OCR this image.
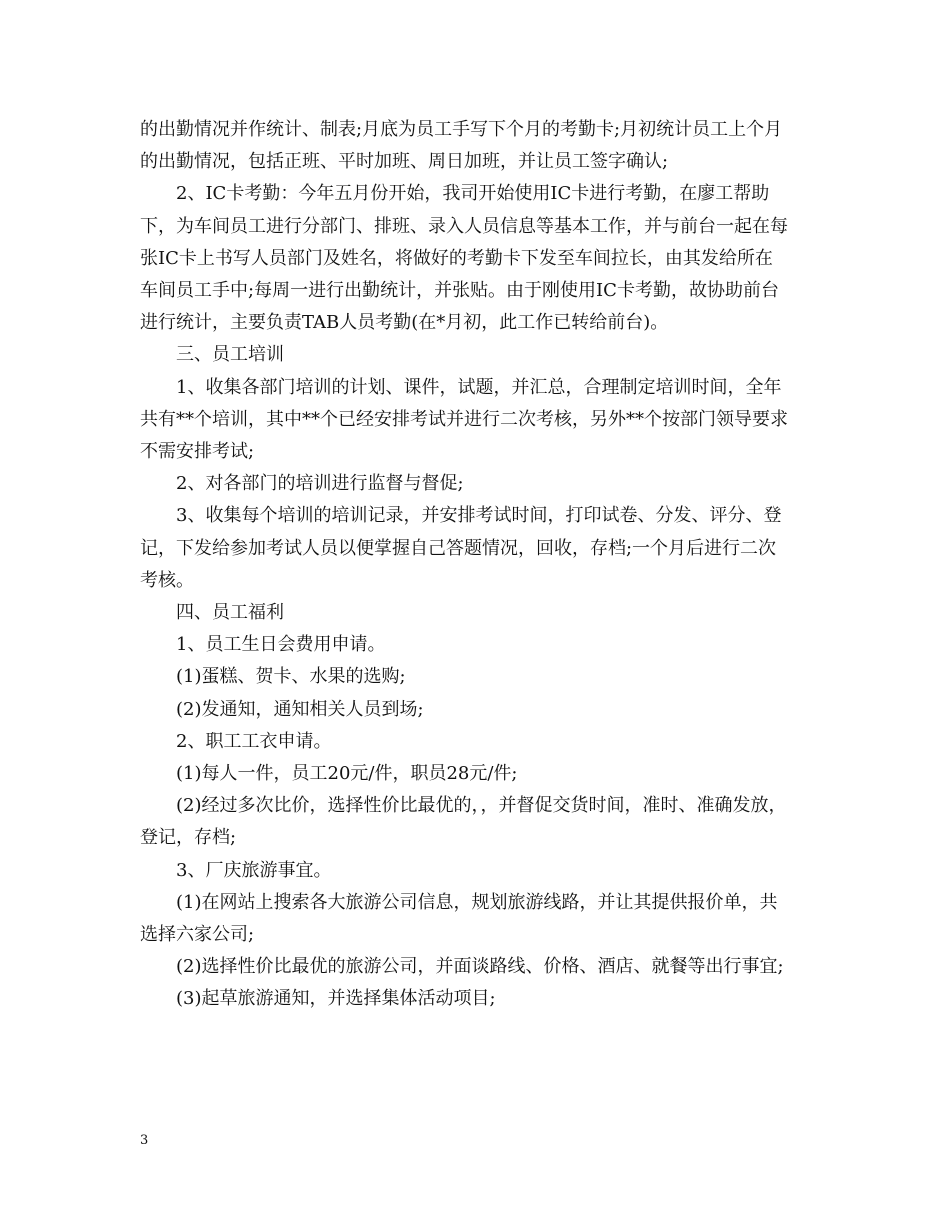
的出勤情况并作统计、制表;月底为员工手写下个月的考勤卡;月初统计员工上个月
的出勤情况，包括正班、平时加班、周日加班，并让员工签字确认;

2、IC卡考勤：今年五月份开始，我司开始使用IC卡进行考勤，在廖工帮助
下，为车间员工进行分部门、排班、录入人员信息等基本工作，并与前台一起在每
张IC卡上书写人员部门及姓名，将做好的考勤卡下发至车间拉长，由其发给所在
车间员工手中;每周一进行出勤统计，并张贴。由于刚使用IC卡考勤，故协助前台
进行统计，主要负责TAB人员考勤(在*月初，此工作已转给前台)。

三、员工培训

1、收集各部门培训的计划、课件，试题，并汇总，合理制定培训时间，全年
共有**个培训，其中**个已经安排考试并进行二次考核，另外**个按部门领导要求
不需安排考试;

2、对各部门的培训进行监督与督促;

3、收集每个培训的培训记录，并安排考试时间，打印试卷、分发、评分、登
记，下发给参加考试人员以便掌握自己答题情况，回收，存档;一个月后进行二次
考核。

四、员工福利

1、员工生日会费用申请。

(1)蛋糕、贺卡、水果的选购;

(2)发通知，通知相关人员到场;

2、职工工衣申请。

(1)每人一件，员工20元/件，职员28元/件;

(2)经过多次比价，选择性价比最优的，，并督促交货时间，准时、准确发放，
登记，存档;

3、厂庆旅游事宜。

(1)在网站上搜索各大旅游公司信息，规划旅游线路，并让其提供报价单，共
选择六家公司;

(2)选择性价比最优的旅游公司，并面谈路线、价格、酒店、就餐等出行事宜;

(3)起草旅游通知，并选择集体活动项目;

3
